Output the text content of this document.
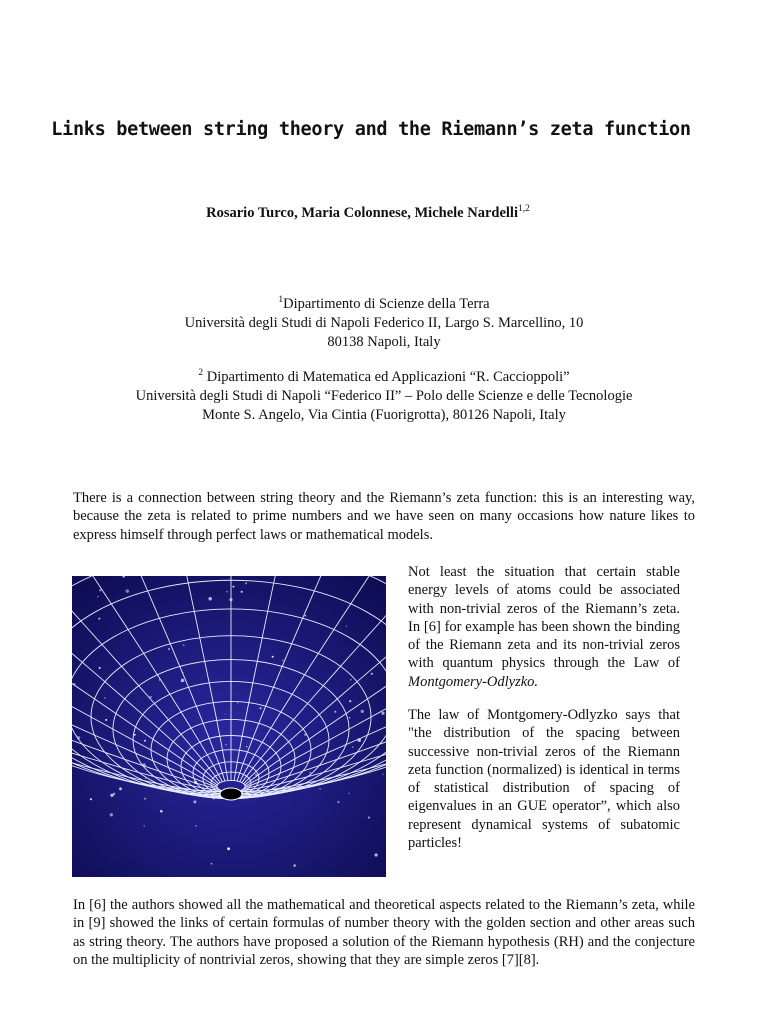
Links between string theory and the Riemann’s zeta function
Rosario Turco, Maria Colonnese, Michele Nardelli$^{1,2}$
$^1$Dipartimento di Scienze della Terra
Università degli Studi di Napoli Federico II, Largo S. Marcellino, 10
80138 Napoli, Italy
$^2$ Dipartimento di Matematica ed Applicazioni “R. Caccioppoli”
Università degli Studi di Napoli “Federico II” – Polo delle Scienze e delle Tecnologie
Monte S. Angelo, Via Cintia (Fuorigrotta), 80126 Napoli, Italy

There is a connection between string theory and the Riemann’s zeta function: this is an interesting way, because the zeta is related to prime numbers and we have seen on many occasions how nature likes to express himself through perfect laws or mathematical models.

Not least the situation that certain stable energy levels of atoms could be associated with non-trivial zeros of the Riemann’s zeta. In [6] for example has been shown the binding of the Riemann zeta and its non-trivial zeros with quantum physics through the Law of Montgomery-Odlyzko.

The law of Montgomery-Odlyzko says that "the distribution of the spacing between successive non-trivial zeros of the Riemann zeta function (normalized) is identical in terms of statistical distribution of spacing of eigenvalues in an GUE operator”, which also represent dynamical systems of subatomic particles!

In [6] the authors showed all the mathematical and theoretical aspects related to the Riemann’s zeta, while in [9] showed the links of certain formulas of number theory with the golden section and other areas such as string theory. The authors have proposed a solution of the Riemann hypothesis (RH) and the conjecture on the multiplicity of nontrivial zeros, showing that they are simple zeros [7][8].
